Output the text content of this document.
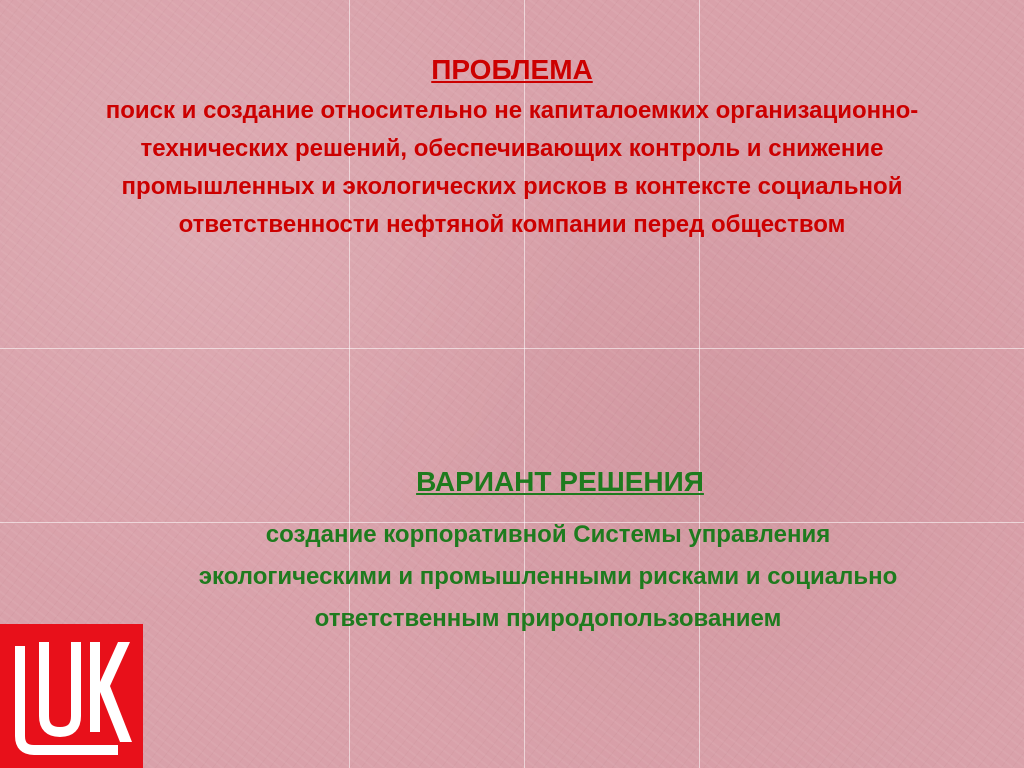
ПРОБЛЕМА
поиск и создание относительно не капиталоемких организационно-технических решений, обеспечивающих контроль и снижение промышленных и экологических рисков в контексте социальной ответственности нефтяной компании перед обществом
ВАРИАНТ РЕШЕНИЯ
создание корпоративной Системы управления экологическими и промышленными рисками и социально ответственным природопользованием
